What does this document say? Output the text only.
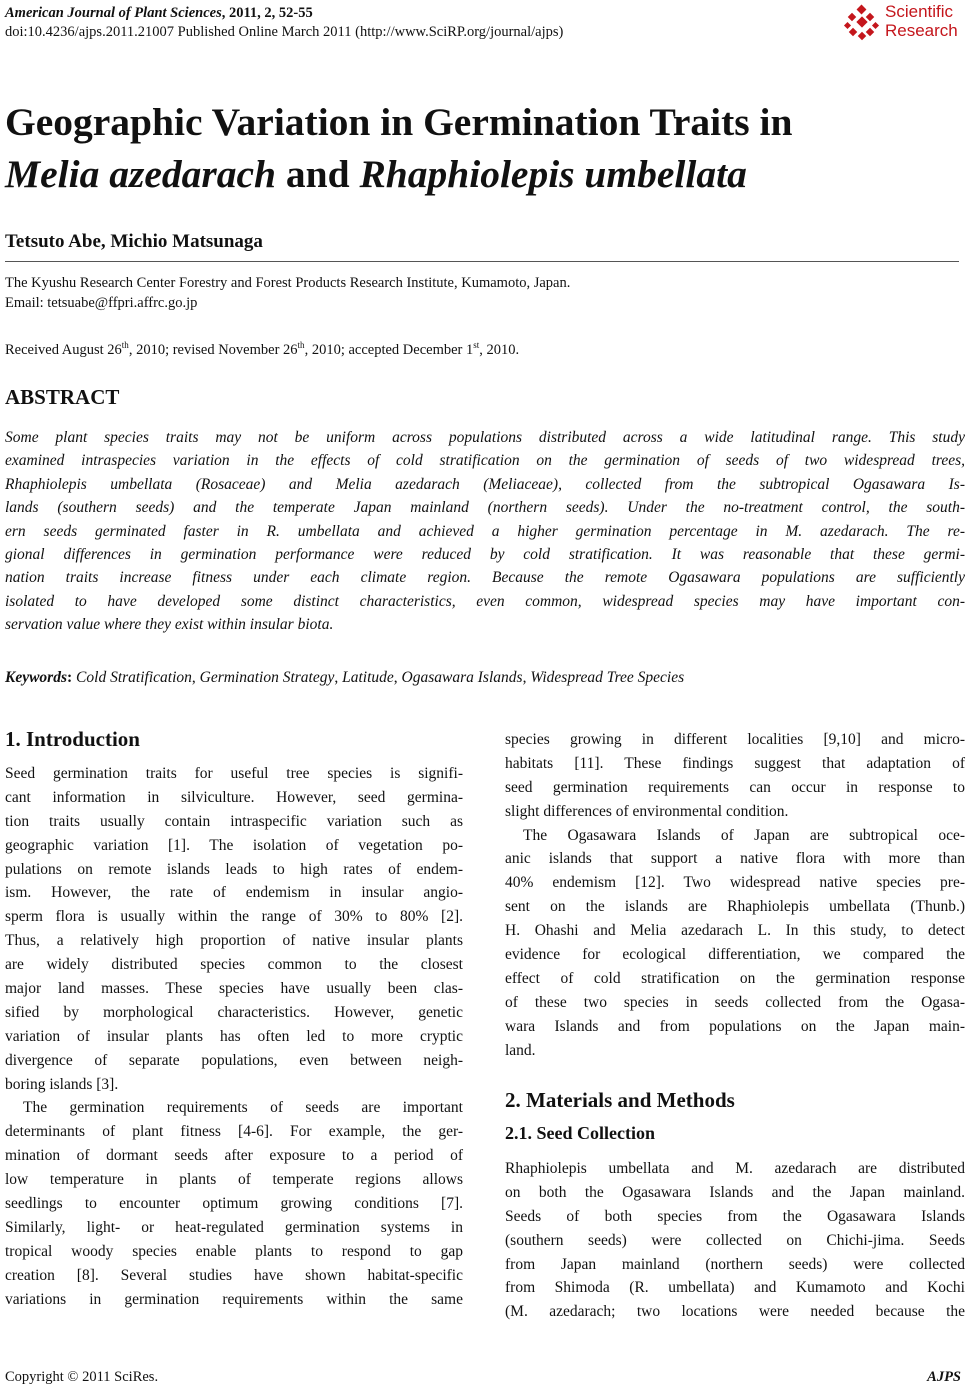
American Journal of Plant Sciences, 2011, 2, 52-55
doi:10.4236/ajps.2011.21007 Published Online March 2011 (http://www.SciRP.org/journal/ajps)
Scientific
Research
Geographic Variation in Germination Traits in
Melia azedarach and Rhaphiolepis umbellata
Tetsuto Abe, Michio Matsunaga
The Kyushu Research Center Forestry and Forest Products Research Institute, Kumamoto, Japan.
Email: tetsuabe@ffpri.affrc.go.jp
Received August 26th, 2010; revised November 26th, 2010; accepted December 1st, 2010.
ABSTRACT
Some plant species traits may not be uniform across populations distributed across a wide latitudinal range. This study
examined intraspecies variation in the effects of cold stratification on the germination of seeds of two widespread trees,
Rhaphiolepis umbellata (Rosaceae) and Melia azedarach (Meliaceae), collected from the subtropical Ogasawara Is-
lands (southern seeds) and the temperate Japan mainland (northern seeds). Under the no-treatment control, the south-
ern seeds germinated faster in R. umbellata and achieved a higher germination percentage in M. azedarach. The re-
gional differences in germination performance were reduced by cold stratification. It was reasonable that these germi-
nation traits increase fitness under each climate region. Because the remote Ogasawara populations are sufficiently
isolated to have developed some distinct characteristics, even common, widespread species may have important con-
servation value where they exist within insular biota.
Keywords: Cold Stratification, Germination Strategy, Latitude, Ogasawara Islands, Widespread Tree Species
1. Introduction
2. Materials and Methods
2.1. Seed Collection
Seed germination traits for useful tree species is signifi-
cant information in silviculture. However, seed germina-
tion traits usually contain intraspecific variation such as
geographic variation [1]. The isolation of vegetation po-
pulations on remote islands leads to high rates of endem-
ism. However, the rate of endemism in insular angio-
sperm flora is usually within the range of 30% to 80% [2].
Thus, a relatively high proportion of native insular plants
are widely distributed species common to the closest
major land masses. These species have usually been clas-
sified by morphological characteristics. However, genetic
variation of insular plants has often led to more cryptic
divergence of separate populations, even between neigh-
boring islands [3].
The germination requirements of seeds are important
determinants of plant fitness [4-6]. For example, the ger-
mination of dormant seeds after exposure to a period of
low temperature in plants of temperate regions allows
seedlings to encounter optimum growing conditions [7].
Similarly, light- or heat-regulated germination systems in
tropical woody species enable plants to respond to gap
creation [8]. Several studies have shown habitat-specific
variations in germination requirements within the same
species growing in different localities [9,10] and micro-
habitats [11]. These findings suggest that adaptation of
seed germination requirements can occur in response to
slight differences of environmental condition.
The Ogasawara Islands of Japan are subtropical oce-
anic islands that support a native flora with more than
40% endemism [12]. Two widespread native species pre-
sent on the islands are Rhaphiolepis umbellata (Thunb.)
H. Ohashi and Melia azedarach L. In this study, to detect
evidence for ecological differentiation, we compared the
effect of cold stratification on the germination response
of these two species in seeds collected from the Ogasa-
wara Islands and from populations on the Japan main-
land.
Rhaphiolepis umbellata and M. azedarach are distributed
on both the Ogasawara Islands and the Japan mainland.
Seeds of both species from the Ogasawara Islands
(southern seeds) were collected on Chichi-jima. Seeds
from Japan mainland (northern seeds) were collected
from Shimoda (R. umbellata) and Kumamoto and Kochi
(M. azedarach; two locations were needed because the
Copyright © 2011 SciRes.	AJPS
